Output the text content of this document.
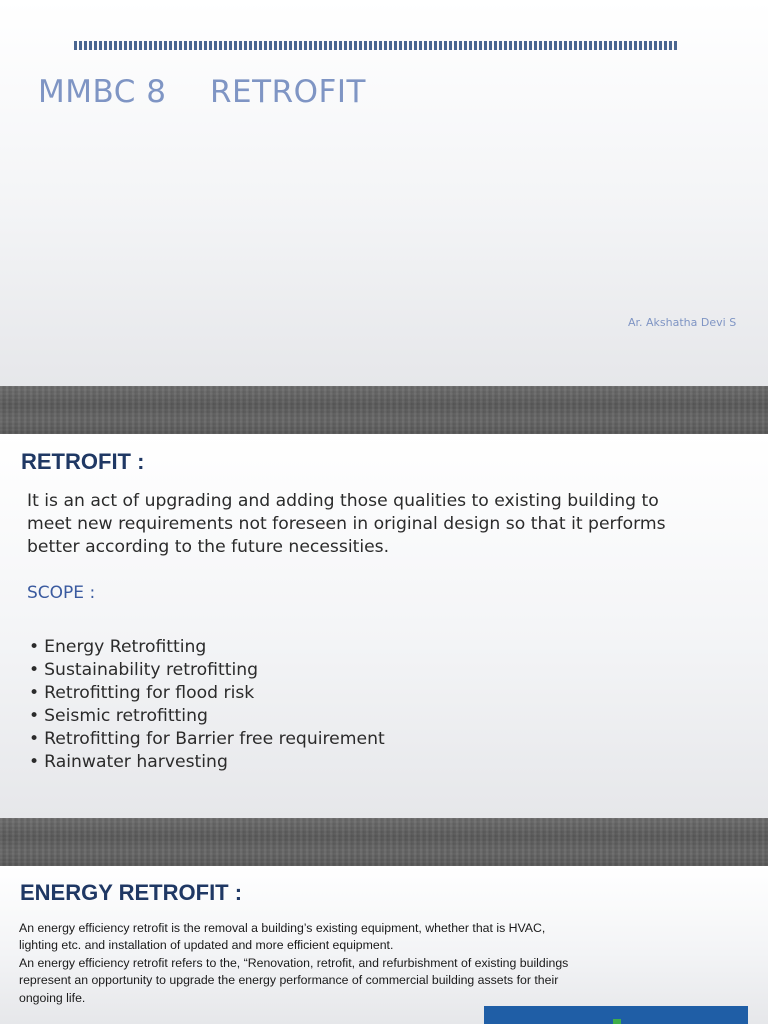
MMBC 8 RETROFIT
Ar. Akshatha Devi S
RETROFIT :
It is an act of upgrading and adding those qualities to existing building to
meet new requirements not foreseen in original design so that it performs
better according to the future necessities.
SCOPE :
• Energy Retrofitting
• Sustainability retrofitting
• Retrofitting for flood risk
• Seismic retrofitting
• Retrofitting for Barrier free requirement
• Rainwater harvesting
ENERGY RETROFIT :

An energy efficiency retrofit is the removal a building’s existing equipment, whether that is HVAC,

lighting etc. and installation of updated and more efficient equipment.

An energy efficiency retrofit refers to the, “Renovation, retrofit, and refurbishment of existing buildings

represent an opportunity to upgrade the energy performance of commercial building assets for their

ongoing life.
